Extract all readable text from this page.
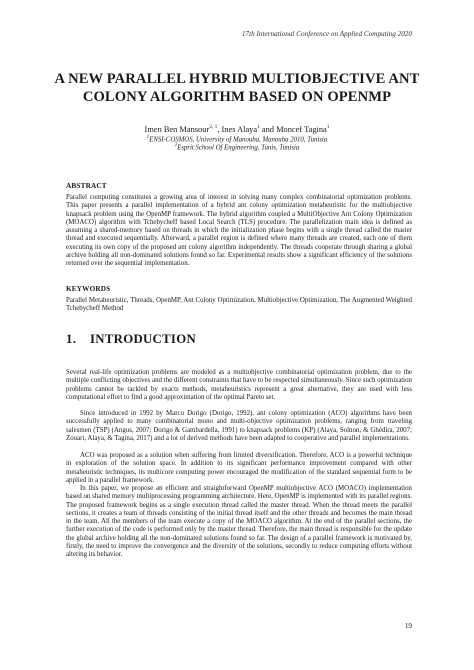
17th International Conference on Applied Computing 2020
A NEW PARALLEL HYBRID MULTIOBJECTIVE ANT
COLONY ALGORITHM BASED ON OPENMP
Imen Ben Mansour$^{2, 1}$, Ines Alaya$^1$ and Moncef Tagina$^1$
$^1$ENSI-COSMOS, University of Manouba, Manouba 2010, Tunisia
$^2$Esprit School Of Engineering, Tunis, Tunisia
ABSTRACT

Parallel computing constitutes a growing area of interest in solving many complex combinatorial optimization problems. This paper presents a parallel implementation of a hybrid ant colony optimization metaheuristic for the multiobjective knapsack problem using the OpenMP framework. The hybrid algorithm coupled a MultiObjective Ant Colony Optimization (MOACO) algorithm with Tchebycheff based Local Search (TLS) procedure. The parallelization main idea is defined as assuming a shared-memory based on threads in which the initialization phase begins with a single thread called the master thread and executed sequentially. Afterward, a parallel region is defined where many threads are created, each one of them executing its own copy of the proposed ant colony algorithm independently. The threads cooperate through sharing a global archive holding all non-dominated solutions found so far. Experimental results show a significant efficiency of the solutions returned over the sequential implementation.

KEYWORDS

Parallel Metaheuristic, Threads, OpenMP, Ant Colony Optimization, Multiobjective Optimization, The Augmented Weighted Tchebycheff Method

1. INTRODUCTION

Several real-life optimization problems are modeled as a multiobjective combinatorial optimization problem, due to the multiple conflicting objectives and the different constraints that have to be respected simultaneously. Since such optimization problems cannot be tackled by exacts methods, metaheuristics represent a great alternative, they are used with less computational effort to find a good approximation of the optimal Pareto set.

Since introduced in 1992 by Marco Dorigo (Dorigo, 1992), ant colony optimization (ACO) algorithms have been successfully applied to many combinatorial mono and multi-objective optimization problems, ranging from traveling salesmen (TSP) (Angus, 2007; Dorigo & Gambardella, 1991) to knapsack problems (KP) (Alaya, Solnon, & Ghédira, 2007; Zouari, Alaya, & Tagina, 2017) and a lot of derived methods have been adapted to cooperative and parallel implementations.

ACO was proposed as a solution when suffering from limited diversification. Therefore, ACO is a powerful technique in exploration of the solution space. In addition to its significant performance improvement compared with other metaheuristic techniques, its multicore computing power encouraged the modification of the standard sequential form to be applied in a parallel framework.

In this paper, we propose an efficient and straightforward OpenMP multiobjective ACO (MOACO) implementation based on shared memory multiprocessing programming architecture. Here, OpenMP is implemented with its parallel regions. The proposed framework begins as a single execution thread called the master thread. When the thread meets the parallel sections, it creates a team of threads consisting of the initial thread itself and the other threads and becomes the main thread in the team. All the members of the team execute a copy of the MOACO algorithm. At the end of the parallel sections, the further execution of the code is performed only by the master thread. Therefore, the main thread is responsible for the update the global archive holding all the non-dominated solutions found so far. The design of a parallel framework is motivated by, firstly, the need to improve the convergence and the diversity of the solutions, secondly to reduce computing efforts without altering its behavior.

19
